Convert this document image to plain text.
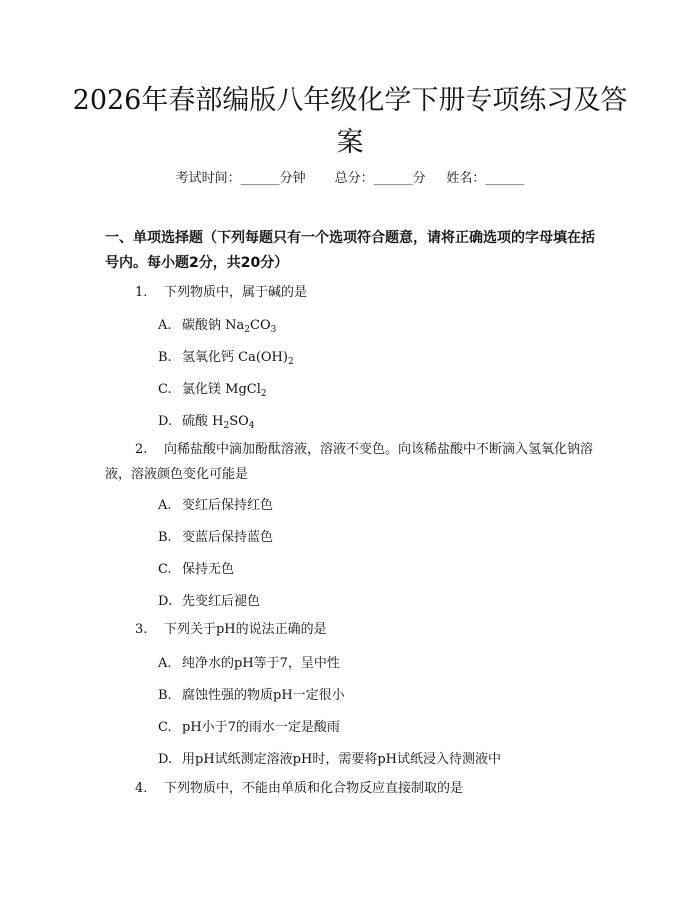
2026年春部编版八年级化学下册专项练习及答案
考试时间：______分钟 总分：______分 姓名：______

一、单项选择题（下列每题只有一个选项符合题意，请将正确选项的字母填在括号内。每小题2分，共20分）

1. 下列物质中，属于碱的是

A. 碳酸钠 $Na_2CO_3$

B. 氢氧化钙 $Ca(OH)_2$

C. 氯化镁 MgCl$_2$

D. 硫酸 $H_2SO_4$

2. 向稀盐酸中滴加酚酞溶液，溶液不变色。向该稀盐酸中不断滴入氢氧化钠溶液，溶液颜色变化可能是

A. 变红后保持红色

B. 变蓝后保持蓝色

C. 保持无色

D. 先变红后褪色

3. 下列关于pH的说法正确的是

A. 纯净水的pH等于7，呈中性

B. 腐蚀性强的物质pH一定很小

C. pH小于7的雨水一定是酸雨

D. 用pH试纸测定溶液pH时，需要将pH试纸浸入待测液中

4. 下列物质中，不能由单质和化合物反应直接制取的是
